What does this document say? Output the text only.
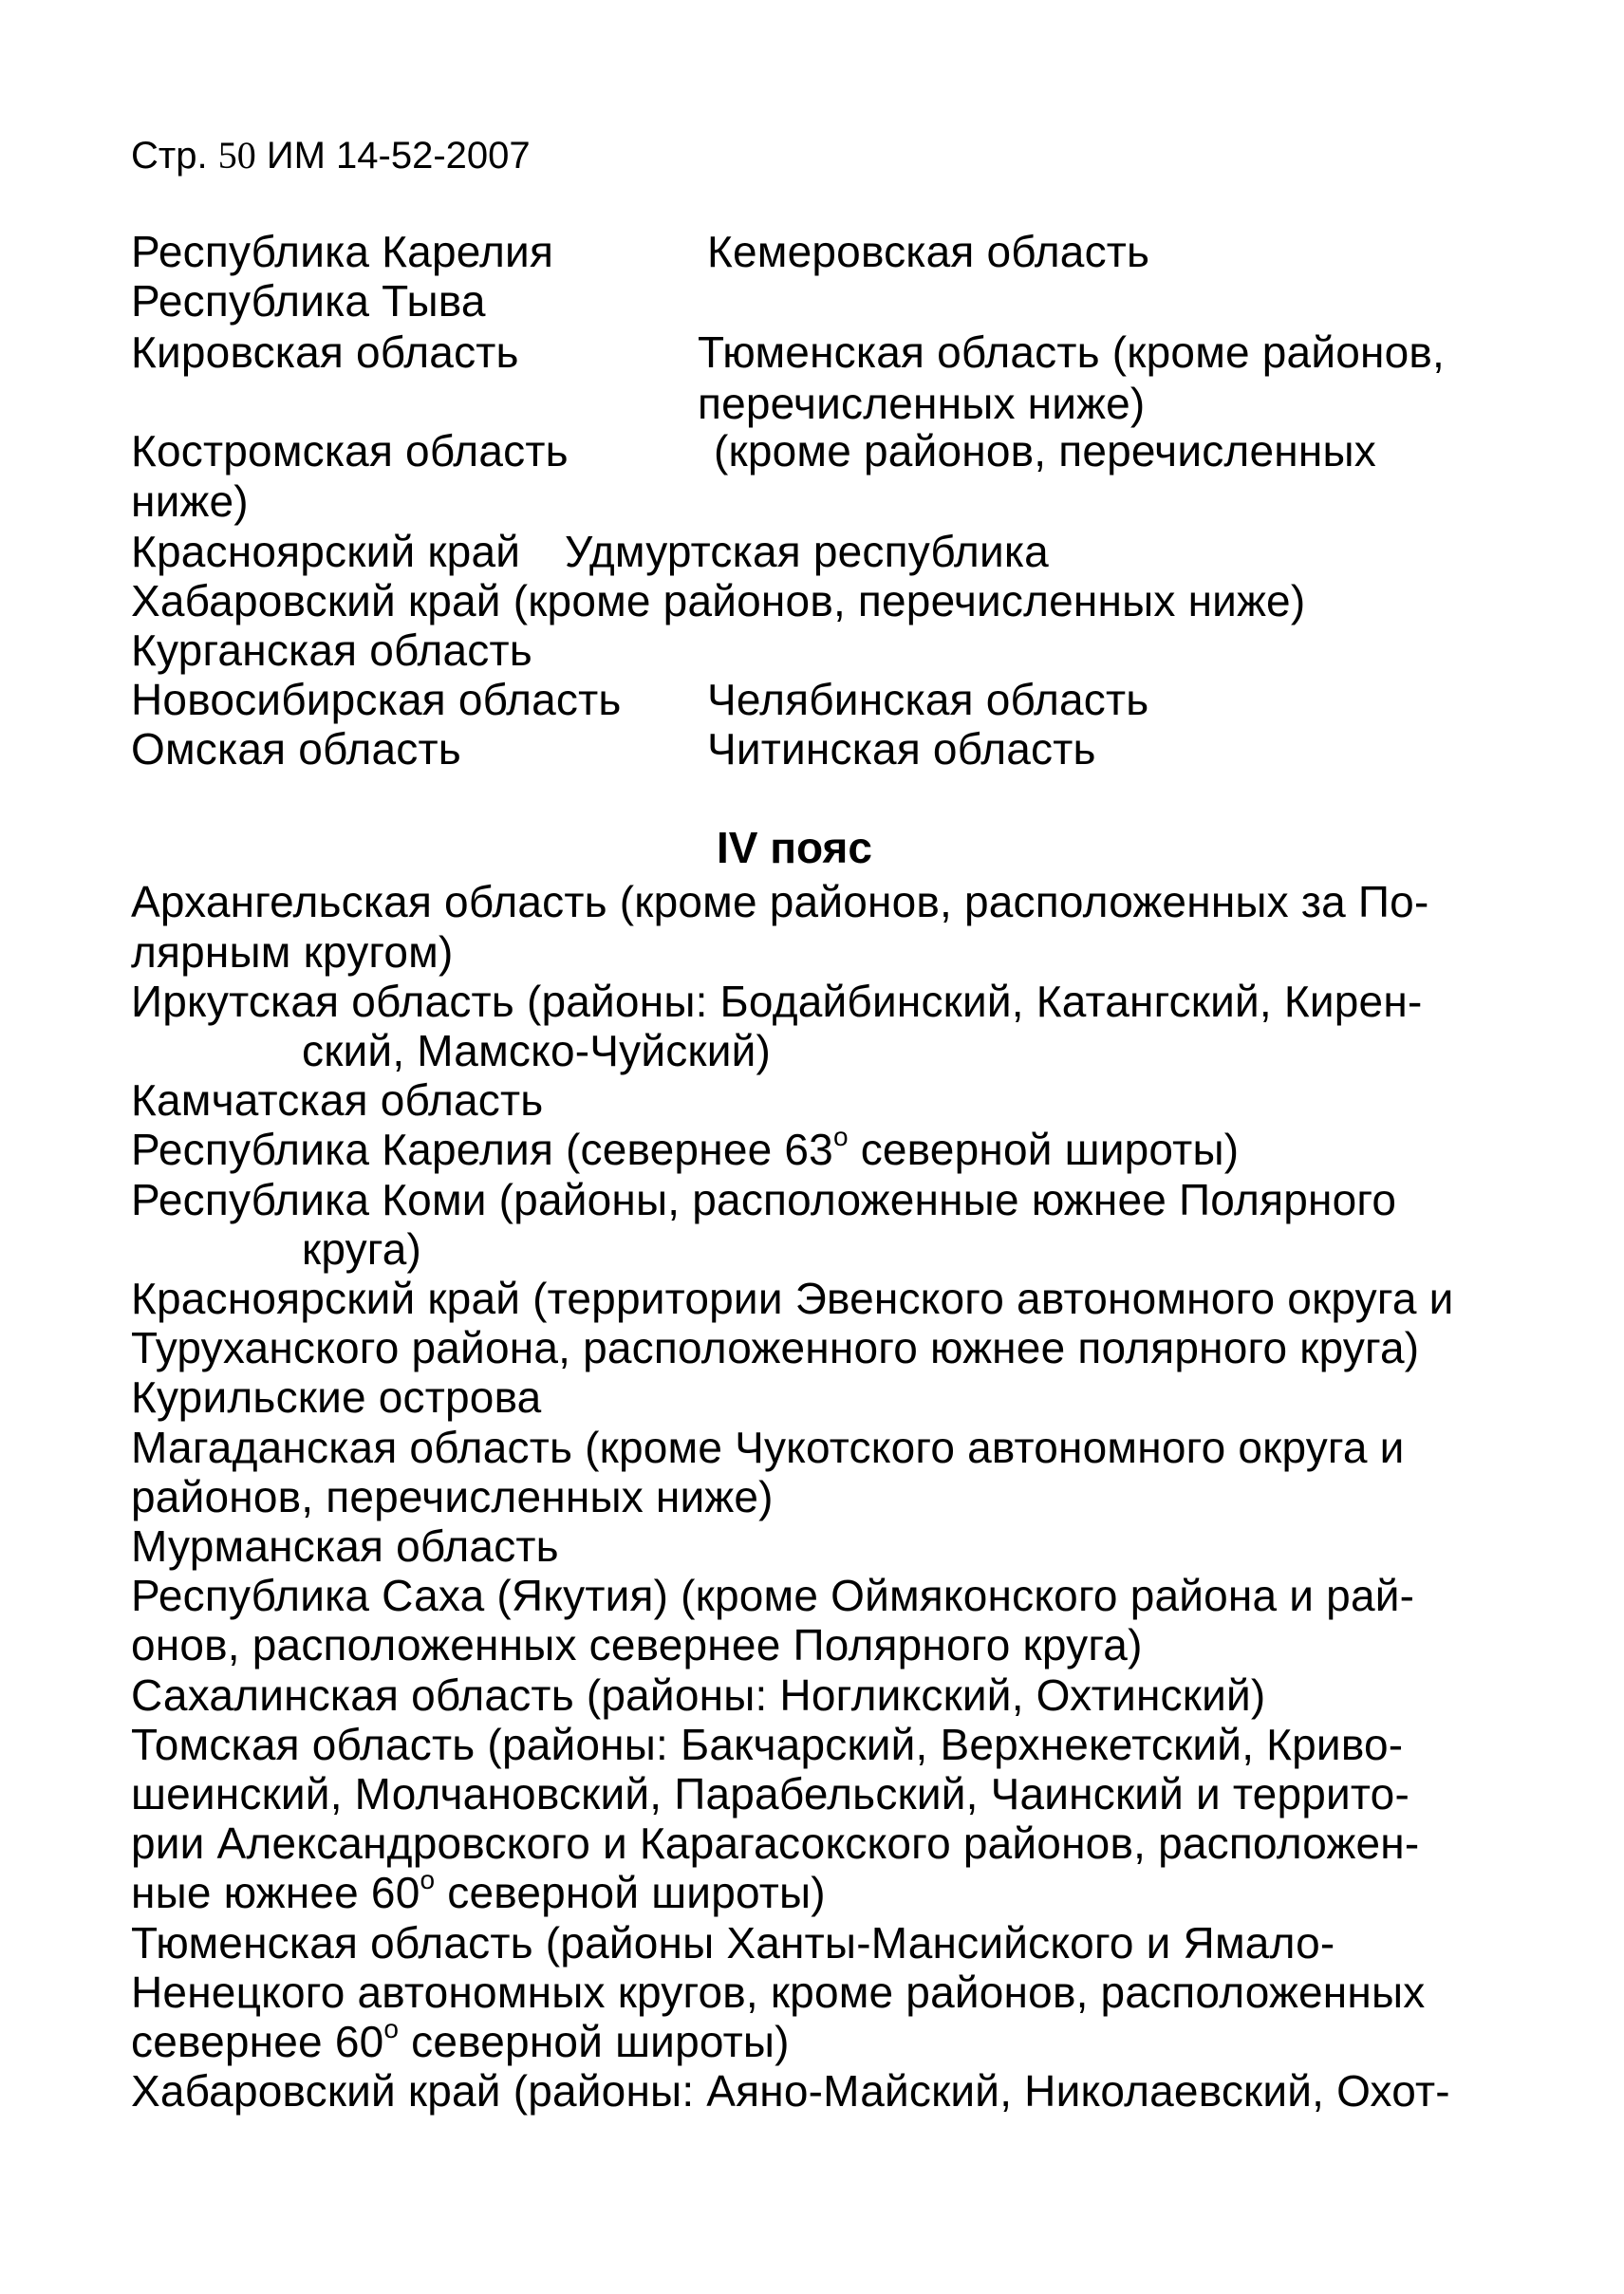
Стр. 50 ИМ 14-52-2007
Республика Карелия	Кемеровская область
Республика Тыва
Кировская область	Тюменская область (кроме районов,
перечисленных ниже)
Костромская область	(кроме районов, перечисленных
ниже)
Красноярский край Удмуртская республика
Хабаровский край (кроме районов, перечисленных ниже)
Курганская область
Новосибирская область Челябинская область
Омская область	Читинская область
IV пояс
Архангельская область (кроме районов, расположенных за По-
лярным кругом)
Иркутская область (районы: Бодайбинский, Катангский, Кирен-
ский, Мамско-Чуйский)
Камчатская область
Республика Карелия (севернее 63$^o$ северной широты)
Республика Коми (районы, расположенные южнее Полярного
круга)
Красноярский край (территории Эвенского автономного округа и
Туруханского района, расположенного южнее полярного круга)
Курильские острова
Магаданская область (кроме Чукотского автономного округа и
районов, перечисленных ниже)
Мурманская область
Республика Саха (Якутия) (кроме Оймяконского района и рай-
онов, расположенных севернее Полярного круга)
Сахалинская область (районы: Ногликский, Охтинский)
Томская область (районы: Бакчарский, Верхнекетский, Криво-
шеинский, Молчановский, Парабельский, Чаинский и террито-
рии Александровского и Карагасокского районов, расположен-
ные южнее 60$^o$ северной широты)
Тюменская область (районы Ханты-Мансийского и Ямало-
Ненецкого автономных кругов, кроме районов, расположенных
севернее 60$^o$ северной широты)
Хабаровский край (районы: Аяно-Майский, Николаевский, Охот-
